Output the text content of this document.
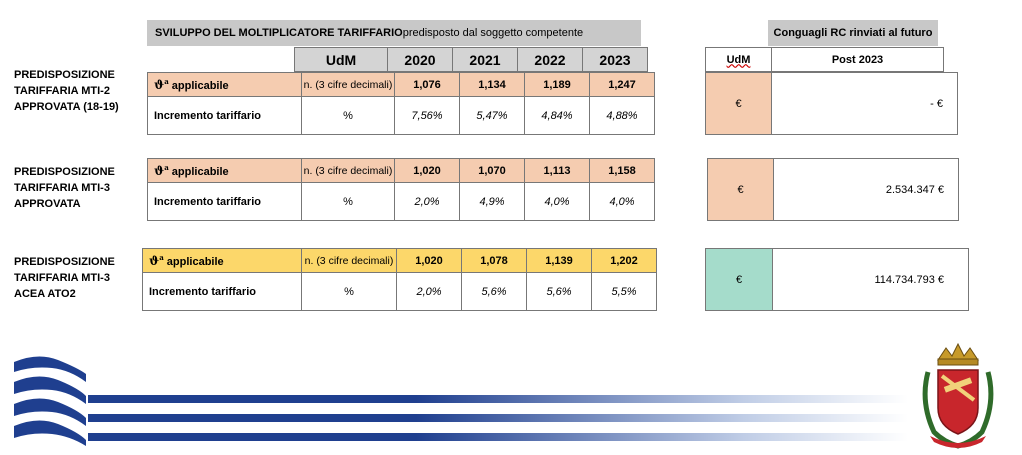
SVILUPPO DEL MOLTIPLICATORE TARIFFARIO predisposto dal soggetto competente	Conguagli RC rinviati al futuro
UdM	2020	2021	2022	2023	UdM	Post 2023
PREDISPOSIZIONE
TARIFFARIA MTI-2
APPROVATA (18-19)
$ϑ^a$ applicabile	n. (3 cifre decimali)	1,076	1,134	1,189	1,247
Incremento tariffario	%	7,56%	5,47%	4,84%	4,88%
€	- €
PREDISPOSIZIONE
TARIFFARIA MTI-3
APPROVATA
$ϑ^a$ applicabile	n. (3 cifre decimali)	1,020	1,070	1,113	1,158
Incremento tariffario	%	2,0%	4,9%	4,0%	4,0%
€	2.534.347 €
PREDISPOSIZIONE
TARIFFARIA MTI-3
ACEA ATO2
$ϑ^a$ applicabile	n. (3 cifre decimali)	1,020	1,078	1,139	1,202
Incremento tariffario	%	2,0%	5,6%	5,6%	5,5%
€	114.734.793 €
